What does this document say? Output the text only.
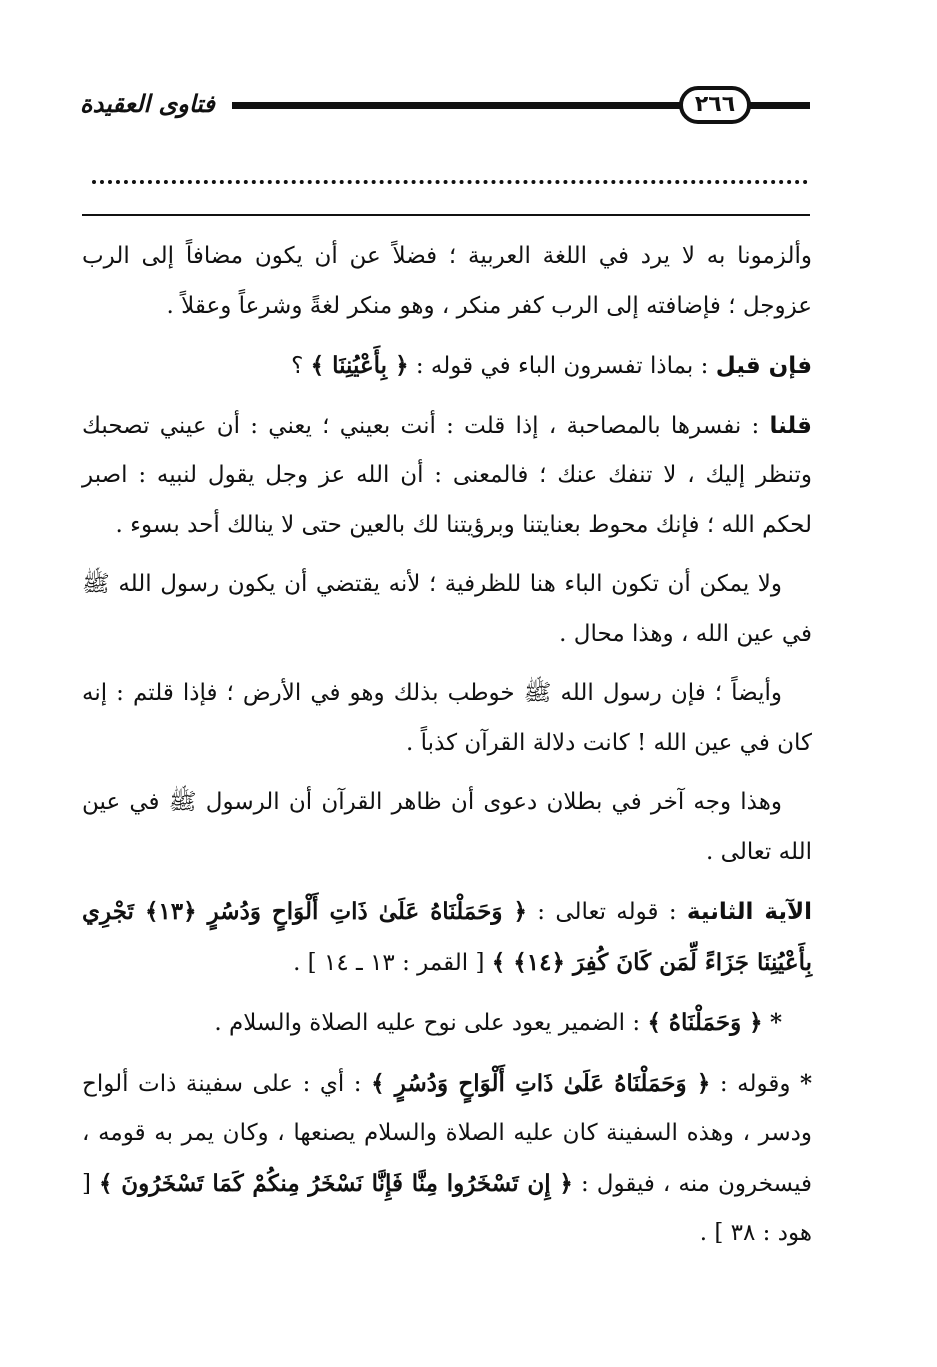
فتاوى العقيدة	٢٦٦

وألزمونا به لا يرد في اللغة العربية ؛ فضلاً عن أن يكون مضافاً إلى الرب عزوجل ؛ فإضافته إلى الرب كفر منكر ، وهو منكر لغةً وشرعاً وعقلاً .

فإن قيل : بماذا تفسرون الباء في قوله : ﴿ بِأَعْيُنِنَا ﴾ ؟

قلنا : نفسرها بالمصاحبة ، إذا قلت : أنت بعيني ؛ يعني : أن عيني تصحبك وتنظر إليك ، لا تنفك عنك ؛ فالمعنى : أن الله عز وجل يقول لنبيه : اصبر لحكم الله ؛ فإنك محوط بعنايتنا وبرؤيتنا لك بالعين حتى لا ينالك أحد بسوء .

ولا يمكن أن تكون الباء هنا للظرفية ؛ لأنه يقتضي أن يكون رسول الله ﷺ في عين الله ، وهذا محال .

وأيضاً ؛ فإن رسول الله ﷺ خوطب بذلك وهو في الأرض ؛ فإذا قلتم : إنه كان في عين الله ! كانت دلالة القرآن كذباً .

وهذا وجه آخر في بطلان دعوى أن ظاهر القرآن أن الرسول ﷺ في عين الله تعالى .

الآية الثانية : قوله تعالى : ﴿ وَحَمَلْنَاهُ عَلَىٰ ذَاتِ أَلْوَاحٍ وَدُسُرٍ ﴿١٣﴾ تَجْرِي بِأَعْيُنِنَا جَزَاءً لِّمَن كَانَ كُفِرَ ﴿١٤﴾ ﴾ [ القمر : ١٣ ـ ١٤ ] .

* ﴿ وَحَمَلْنَاهُ ﴾ : الضمير يعود على نوح عليه الصلاة والسلام .

* وقوله : ﴿ وَحَمَلْنَاهُ عَلَىٰ ذَاتِ أَلْوَاحٍ وَدُسُرٍ ﴾ : أي : على سفينة ذات ألواح ودسر ، وهذه السفينة كان عليه الصلاة والسلام يصنعها ، وكان يمر به قومه ، فيسخرون منه ، فيقول : ﴿ إِن تَسْخَرُوا مِنَّا فَإِنَّا نَسْخَرُ مِنكُمْ كَمَا تَسْخَرُونَ ﴾ [ هود : ٣٨ ] .
